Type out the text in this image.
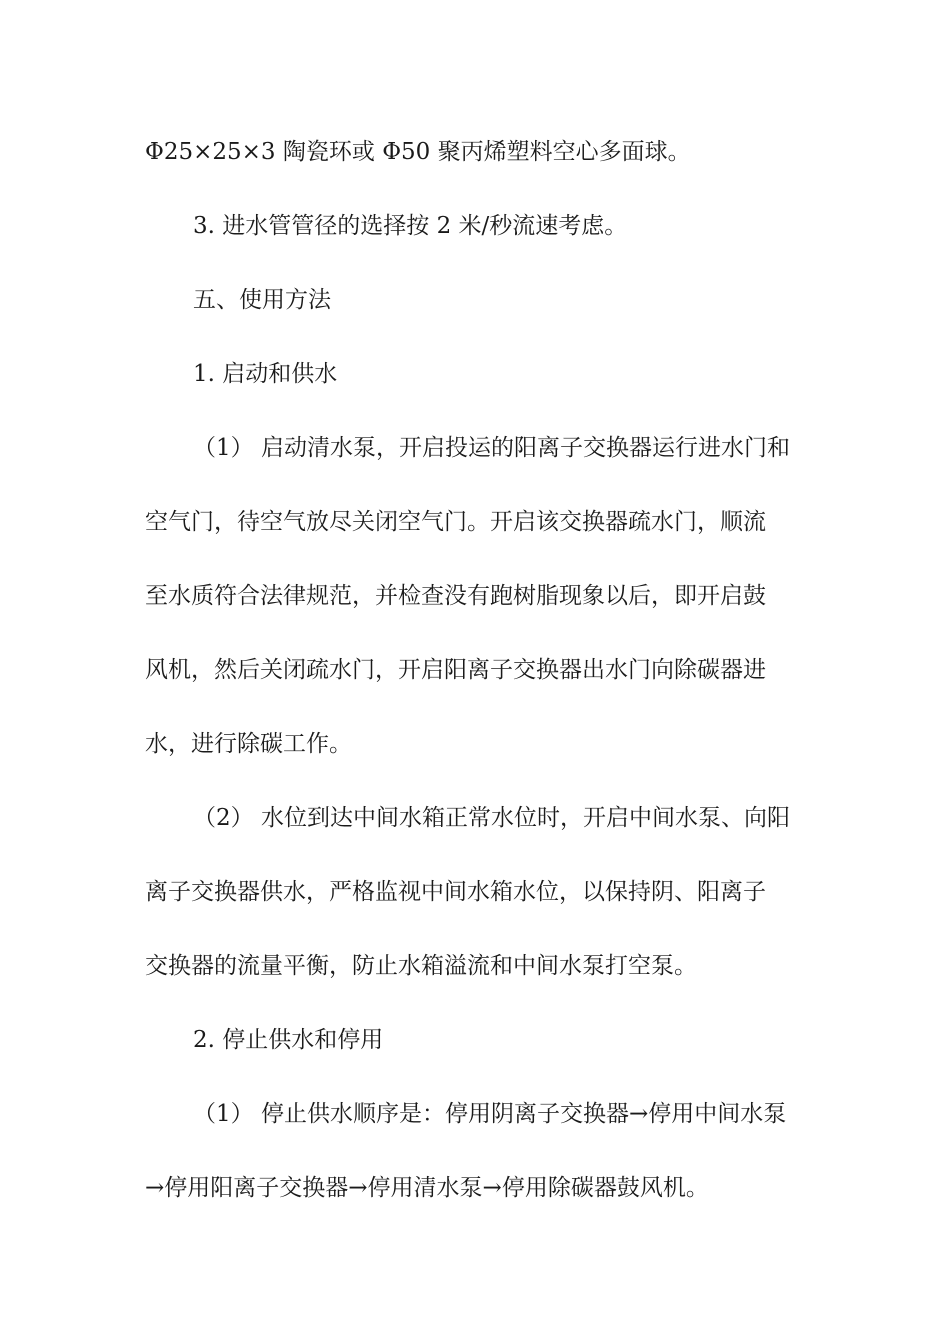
Φ25×25×3 陶瓷环或 Φ50 聚丙烯塑料空心多面球。
3. 进水管管径的选择按 2 米/秒流速考虑。
五、使用方法
1. 启动和供水
（1） 启动清水泵，开启投运的阳离子交换器运行进水门和
空气门，待空气放尽关闭空气门。开启该交换器疏水门，顺流
至水质符合法律规范，并检查没有跑树脂现象以后，即开启鼓
风机，然后关闭疏水门，开启阳离子交换器出水门向除碳器进
水，进行除碳工作。
（2） 水位到达中间水箱正常水位时，开启中间水泵、向阳
离子交换器供水，严格监视中间水箱水位，以保持阴、阳离子
交换器的流量平衡，防止水箱溢流和中间水泵打空泵。
2. 停止供水和停用
（1） 停止供水顺序是：停用阴离子交换器→停用中间水泵
→停用阳离子交换器→停用清水泵→停用除碳器鼓风机。
